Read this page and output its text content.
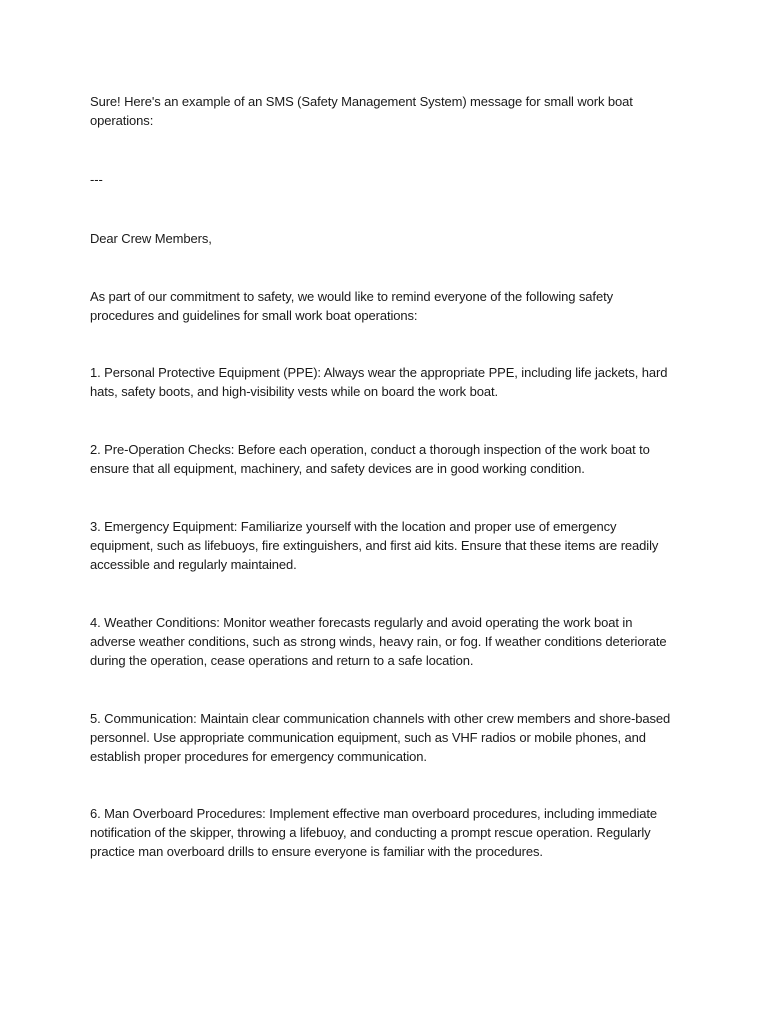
Sure! Here's an example of an SMS (Safety Management System) message for small work boat operations:

---

Dear Crew Members,

As part of our commitment to safety, we would like to remind everyone of the following safety procedures and guidelines for small work boat operations:

1. Personal Protective Equipment (PPE): Always wear the appropriate PPE, including life jackets, hard hats, safety boots, and high-visibility vests while on board the work boat.

2. Pre-Operation Checks: Before each operation, conduct a thorough inspection of the work boat to ensure that all equipment, machinery, and safety devices are in good working condition.

3. Emergency Equipment: Familiarize yourself with the location and proper use of emergency equipment, such as lifebuoys, fire extinguishers, and first aid kits. Ensure that these items are readily accessible and regularly maintained.

4. Weather Conditions: Monitor weather forecasts regularly and avoid operating the work boat in adverse weather conditions, such as strong winds, heavy rain, or fog. If weather conditions deteriorate during the operation, cease operations and return to a safe location.

5. Communication: Maintain clear communication channels with other crew members and shore-based personnel. Use appropriate communication equipment, such as VHF radios or mobile phones, and establish proper procedures for emergency communication.

6. Man Overboard Procedures: Implement effective man overboard procedures, including immediate notification of the skipper, throwing a lifebuoy, and conducting a prompt rescue operation. Regularly practice man overboard drills to ensure everyone is familiar with the procedures.
